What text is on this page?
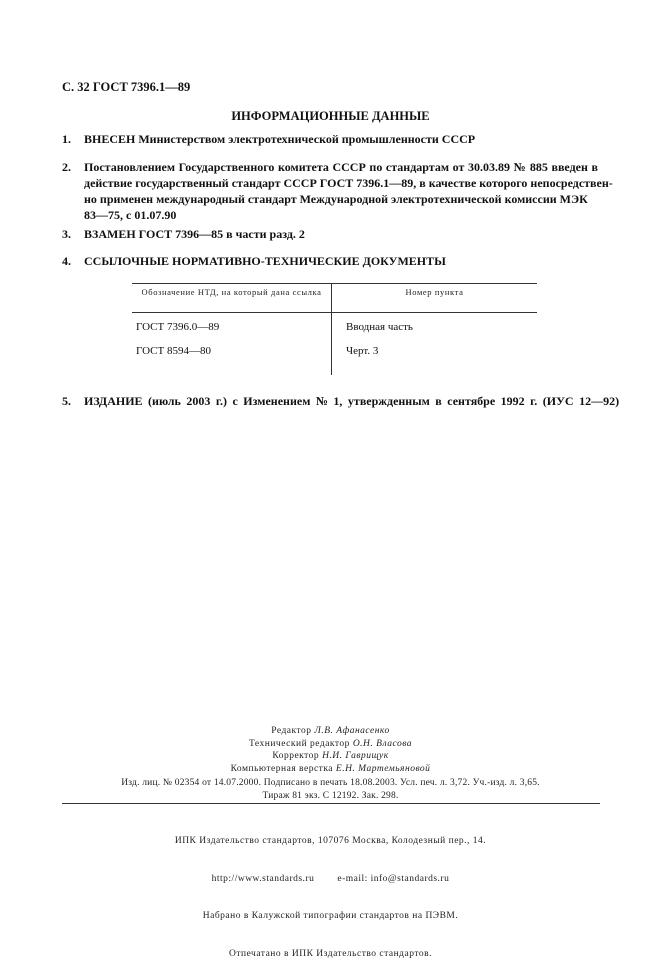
С. 32 ГОСТ 7396.1—89
ИНФОРМАЦИОННЫЕ ДАННЫЕ
1. ВНЕСЕН Министерством электротехнической промышленности СССР
2. Постановлением Государственного комитета СССР по стандартам от 30.03.89 № 885 введен в
действие государственный стандарт СССР ГОСТ 7396.1—89, в качестве которого непосредствен-
но применен международный стандарт Международной электротехнической комиссии МЭК
83—75, с 01.07.90
3. ВЗАМЕН ГОСТ 7396—85 в части разд. 2
4. ССЫЛОЧНЫЕ НОРМАТИВНО-ТЕХНИЧЕСКИЕ ДОКУМЕНТЫ
Обозначение НТД, на который дана ссылка	Номер пункта
ГОСТ 7396.0—89	Вводная часть
ГОСТ 8594—80	Черт. 3
5. ИЗДАНИЕ (июль 2003 г.) с Изменением № 1, утвержденным в сентябре 1992 г. (ИУС 12—92)
Редактор Л.В. Афанасенко
Технический редактор О.Н. Власова
Корректор Н.И. Гаврищук
Компьютерная верстка Е.Н. Мартемьяновой
Изд. лиц. № 02354 от 14.07.2000. Подписано в печать 18.08.2003. Усл. печ. л. 3,72. Уч.-изд. л. 3,65.
Тираж 81 экз. С 12192. Зак. 298.

ИПК Издательство стандартов, 107076 Москва, Колодезный пер., 14.

http://www.standards.ru        e-mail: info@standards.ru

Набрано в Калужской типографии стандартов на ПЭВМ.

Отпечатано в ИПК Издательство стандартов.
